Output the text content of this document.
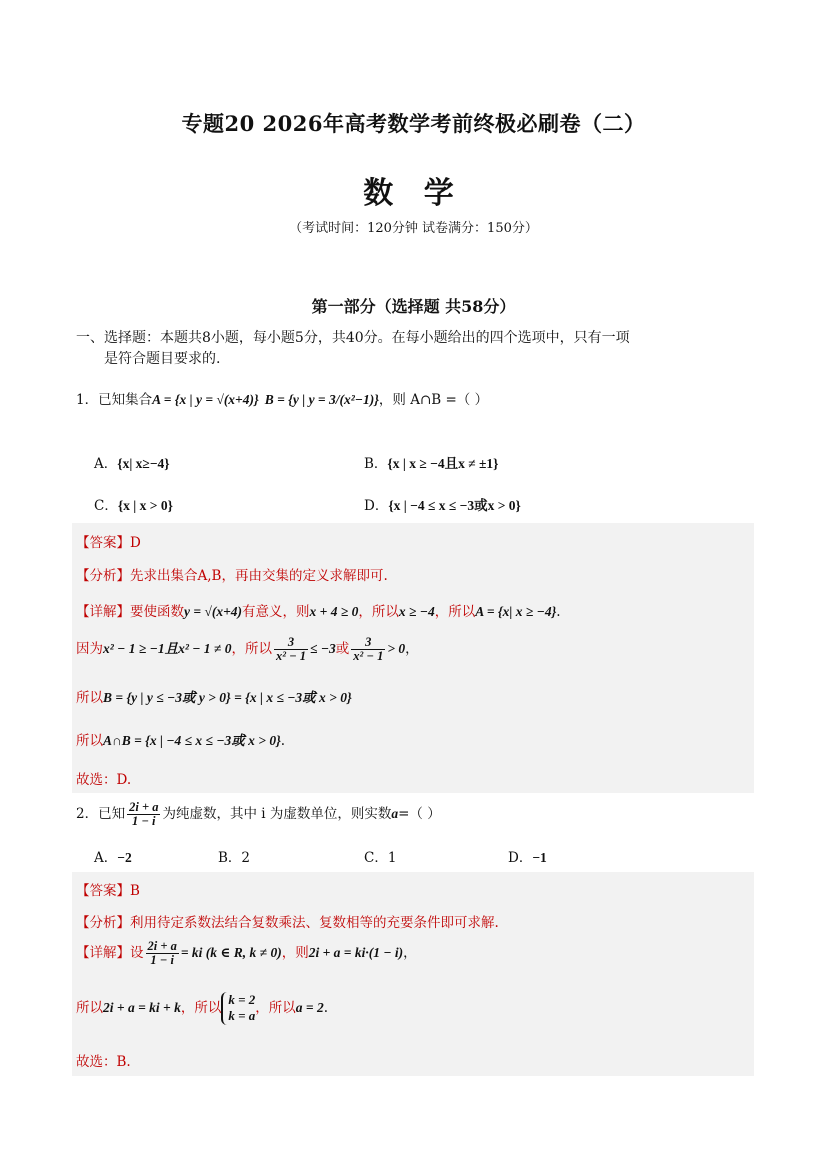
专题20 2026年高考数学考前终极必刷卷（二）
数 学
（考试时间：120分钟 试卷满分：150分）
第一部分（选择题 共58分）
一、选择题：本题共8小题，每小题5分，共40分。在每小题给出的四个选项中，只有一项
是符合题目要求的.
1．已知集合A = {x | y = √(x+4)} B = {y | y = 3/(x²−1)}，则 A∩B =（ ）
A．{x| x≥−4}	B．{x | x ≥ −4且x ≠ ±1}
C．{x | x > 0}	D．{x | −4 ≤ x ≤ −3或x > 0}
【答案】D
【分析】先求出集合A,B，再由交集的定义求解即可.
【详解】要使函数y = √(x+4)有意义，则x + 4 ≥ 0，所以x ≥ −4，所以A = {x| x ≥ −4}.
因为x² − 1 ≥ −1且x² − 1 ≠ 0，所以 $\frac{3}{\text{x² − 1}} \le -3$或 $\frac{3}{\text{x² − 1}} > 0$，
所以B = {y | y ≤ −3或 y > 0} = {x | x ≤ −3或 x > 0}
所以A∩B = {x | −4 ≤ x ≤ −3或 x > 0}.
故选：D.
2．已知 $\frac{2i + a}{1 - i}$ 为纯虚数，其中 i 为虚数单位，则实数a=（ ）
A．−2	B．2	C．1	D．−1
【答案】B
【分析】利用待定系数法结合复数乘法、复数相等的充要条件即可求解.
【详解】设 $\frac{2i + a}{1 - i}$ = ki (k ∈ R, k ≠ 0)，则2i + a = ki·(1 − i)，
所以2i + a = ki + k，所以
k = 2
k = a ，所以a = 2.
故选：B.
